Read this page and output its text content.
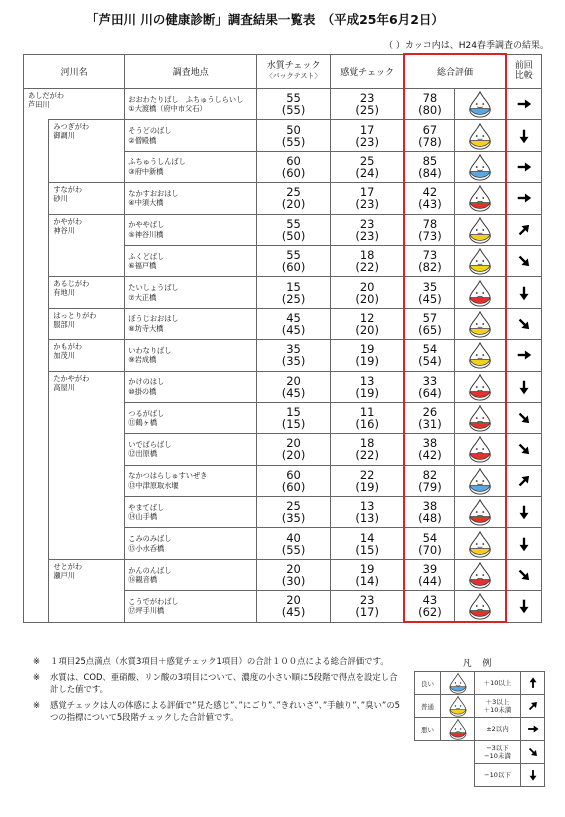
「芦田川 川の健康診断」調査結果一覧表　（平成25年6月2日）
（ ）カッコ内は、H24春季調査の結果。
河川名		調査地点	水質チェック
〈パックテスト〉	感覚チェック	総合評価		前回
比較

あしだがわ
芦田川		おおわたりばし　ふちゅうしらいし
①大渡橋（府中市父石）	55
(55)	23
(25)	78
(80)

	みつぎがわ
御調川	そうどのばし
②僧殿橋	50
(55)	17
(23)	67
(78)

		ふちゅうしんばし
③府中新橋	60
(60)	25
(24)	85
(84)

	すながわ
砂川	なかすおおはし
④中須大橋	25
(20)	17
(23)	42
(43)

	かやがわ
神谷川	かややばし
⑤神谷川橋	55
(50)	23
(23)	78
(73)

		ふくどばし
⑥福戸橋	55
(60)	18
(22)	73
(82)

	あるじがわ
有地川	たいしょうばし
⑦大正橋	15
(25)	20
(20)	35
(45)

	はっとりがわ
服部川	ぼうじおおはし
⑧坊寺大橋	45
(45)	12
(20)	57
(65)

	かもがわ
加茂川	いわなりばし
⑨岩成橋	35
(35)	19
(19)	54
(54)

	たかやがわ
高屋川	かけのはし
⑩掛の橋	20
(45)	13
(19)	33
(64)

		つるがばし
⑪鶴ヶ橋	15
(15)	11
(16)	26
(31)

		いでばらばし
⑫出原橋	20
(20)	18
(22)	38
(42)

		なかつはらしゅすいぜき
⑬中津原取水堰	60
(60)	22
(19)	82
(79)

		やまてばし
⑭山手橋	25
(35)	13
(13)	38
(48)

		こみのみばし
⑮小水呑橋	40
(55)	14
(15)	54
(70)

	せとがわ
瀬戸川	かんのんばし
⑯観音橋	20
(30)	19
(14)	39
(44)

		こうでがわばし
⑰坪手川橋	20
(45)	23
(17)	43
(62)

※ １項目25点満点（水質3項目＋感覚チェック1項目）の合計１００点による総合評価です。
※ 水質は、COD、亜硝酸、リン酸の3項目について、濃度の小さい順に5段階で得点を設定し合計した値です。
※ 感覚チェックは人の体感による評価で”見た感じ”、”にごり”、”きれいさ”、”手触り”、”臭い”の5つの指標について5段階チェックした合計値です。
凡 例
良い		＋10以上	

普通		＋3以上
＋10未満	

悪い		±2以内	

		−3以下
−10未満	

		−10以下	
